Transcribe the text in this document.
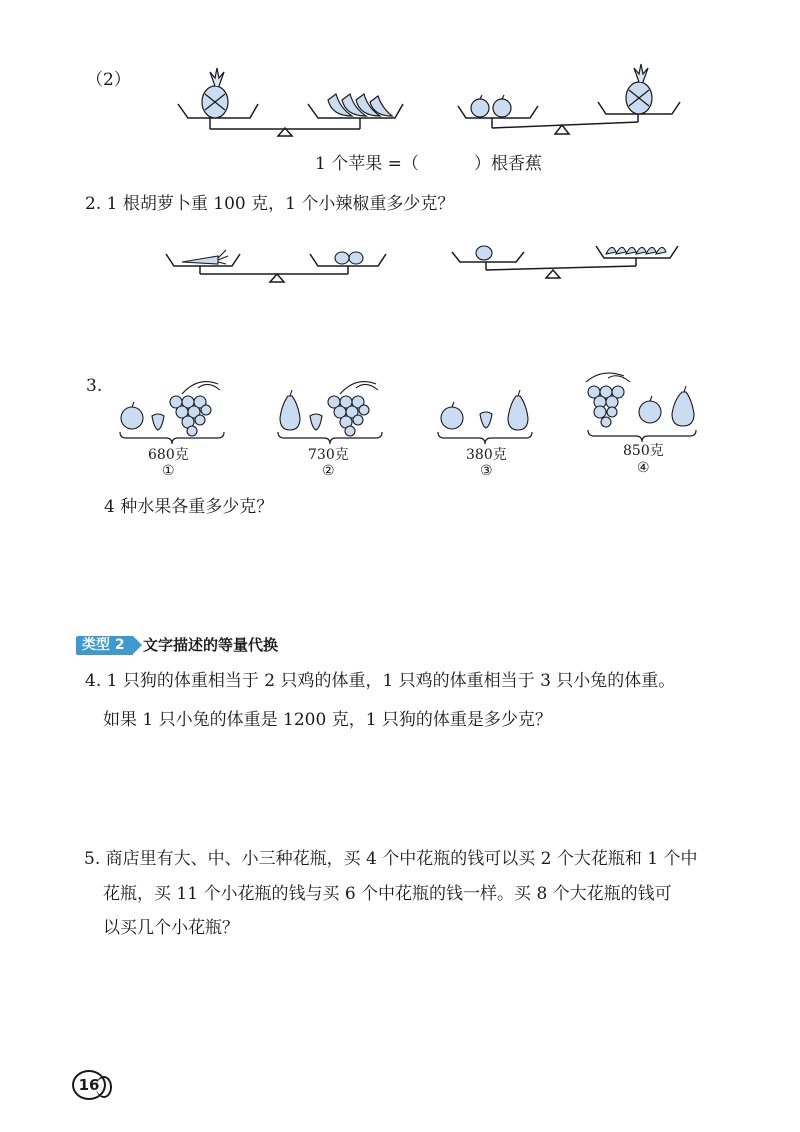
（2）
1 个苹果 =（	）根香蕉
2. 1 根胡萝卜重 100 克，1 个小辣椒重多少克？
3.
680克
①
730克
②
380克
③
850克
④
4 种水果各重多少克？
类型 2	文字描述的等量代换
4. 1 只狗的体重相当于 2 只鸡的体重，1 只鸡的体重相当于 3 只小兔的体重。
如果 1 只小兔的体重是 1200 克，1 只狗的体重是多少克？
5. 商店里有大、中、小三种花瓶，买 4 个中花瓶的钱可以买 2 个大花瓶和 1 个中
花瓶，买 11 个小花瓶的钱与买 6 个中花瓶的钱一样。买 8 个大花瓶的钱可
以买几个小花瓶？
16
